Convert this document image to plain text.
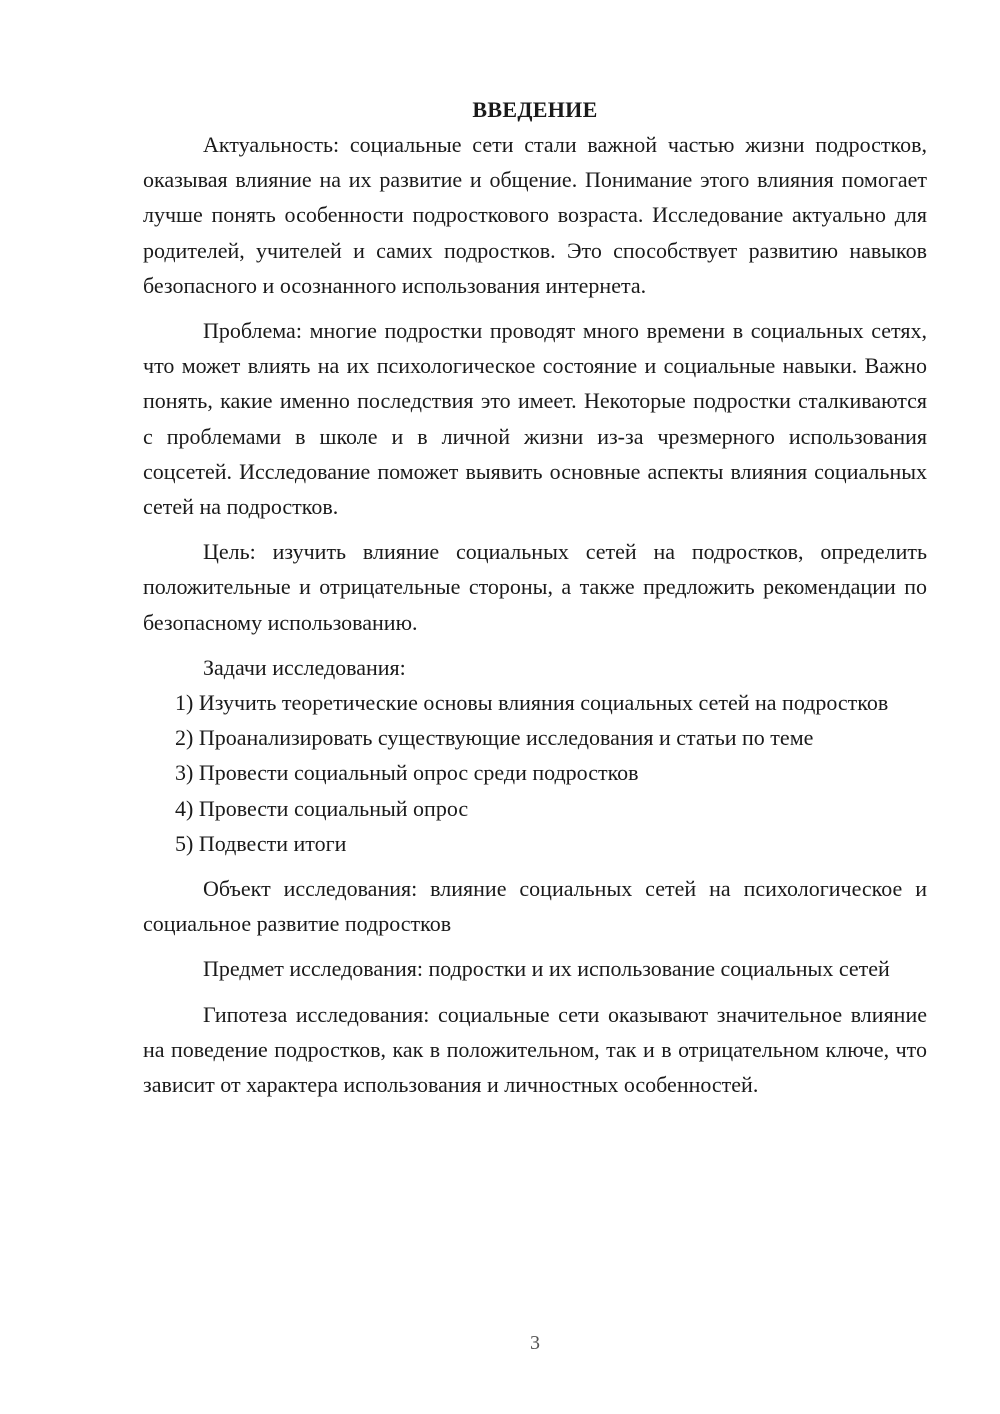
ВВЕДЕНИЕ

Актуальность: социальные сети стали важной частью жизни подростков, оказывая влияние на их развитие и общение. Понимание этого влияния помогает лучше понять особенности подросткового возраста. Исследование актуально для родителей, учителей и самих подростков. Это способствует развитию навыков безопасного и осознанного использования интернета.

Проблема: многие подростки проводят много времени в социальных сетях, что может влиять на их психологическое состояние и социальные навыки. Важно понять, какие именно последствия это имеет. Некоторые подростки сталкиваются с проблемами в школе и в личной жизни из-за чрезмерного использования соцсетей. Исследование поможет выявить основные аспекты влияния социальных сетей на подростков.

Цель: изучить влияние социальных сетей на подростков, определить положительные и отрицательные стороны, а также предложить рекомендации по безопасному использованию.

Задачи исследования:

1) Изучить теоретические основы влияния социальных сетей на подростков

2) Проанализировать существующие исследования и статьи по теме

3) Провести социальный опрос среди подростков

4) Провести социальный опрос

5) Подвести итоги

Объект исследования: влияние социальных сетей на психологическое и социальное развитие подростков

Предмет исследования: подростки и их использование социальных сетей

Гипотеза исследования: социальные сети оказывают значительное влияние на поведение подростков, как в положительном, так и в отрицательном ключе, что зависит от характера использования и личностных особенностей.

3
